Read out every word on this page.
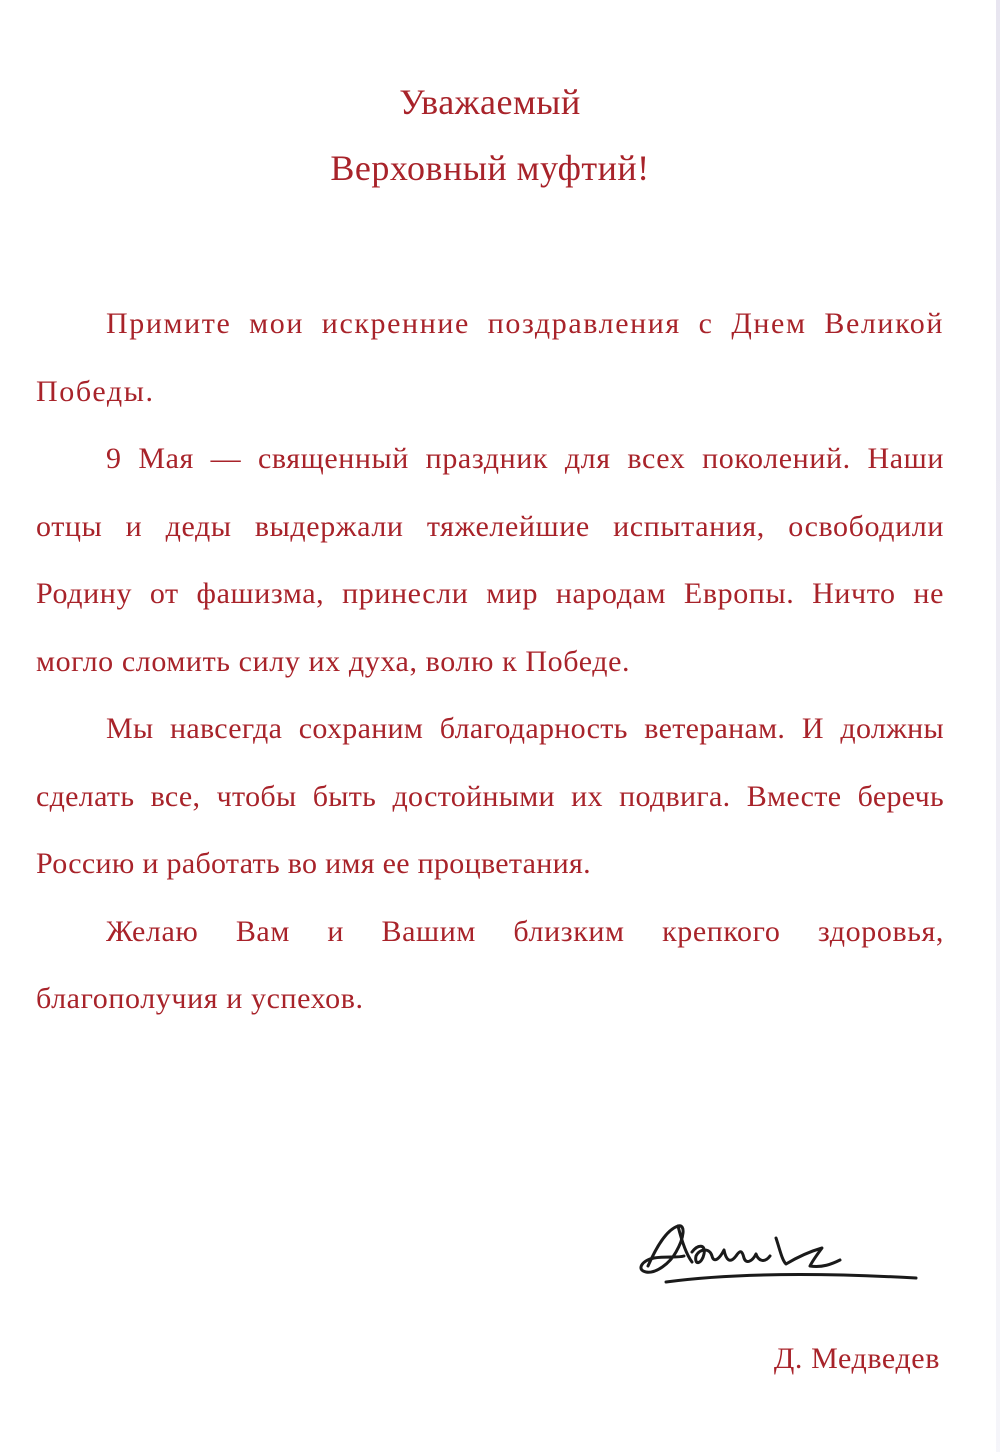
Уважаемый
Верховный муфтий!

Примите мои искренние поздравления с Днем Великой Победы.

9 Мая — священный праздник для всех поколений. Наши отцы и деды выдержали тяжелейшие испытания, освободили Родину от фашизма, принесли мир народам Европы. Ничто не могло сломить силу их духа, волю к Победе.

Мы навсегда сохраним благодарность ветеранам. И должны сделать все, чтобы быть достойными их подвига. Вместе беречь Россию и работать во имя ее процветания.

Желаю Вам и Вашим близким крепкого здоровья, благополучия и успехов.

Д. Медведев
